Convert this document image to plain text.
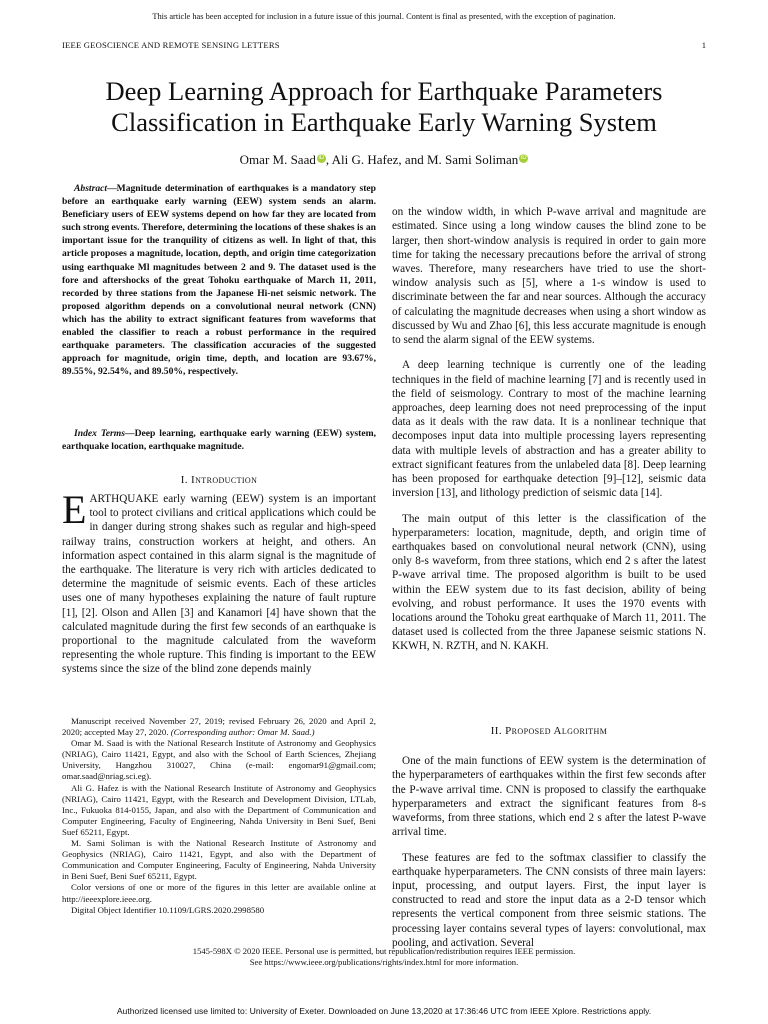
This article has been accepted for inclusion in a future issue of this journal. Content is final as presented, with the exception of pagination.
IEEE GEOSCIENCE AND REMOTE SENSING LETTERS	1
Deep Learning Approach for Earthquake Parameters
Classification in Earthquake Early Warning System
Omar M. Saad iD , Ali G. Hafez, and M. Sami Soliman iD

Abstract—Magnitude determination of earthquakes is a mandatory step before an earthquake early warning (EEW) system sends an alarm. Beneficiary users of EEW systems depend on how far they are located from such strong events. Therefore, determining the locations of these shakes is an important issue for the tranquility of citizens as well. In light of that, this article proposes a magnitude, location, depth, and origin time categorization using earthquake Ml magnitudes between 2 and 9. The dataset used is the fore and aftershocks of the great Tohoku earthquake of March 11, 2011, recorded by three stations from the Japanese Hi-net seismic network. The proposed algorithm depends on a convolutional neural network (CNN) which has the ability to extract significant features from waveforms that enabled the classifier to reach a robust performance in the required earthquake parameters. The classification accuracies of the suggested approach for magnitude, origin time, depth, and location are 93.67%, 89.55%, 92.54%, and 89.50%, respectively.

Index Terms—Deep learning, earthquake early warning (EEW) system, earthquake location, earthquake magnitude.

I. Introduction

EARTHQUAKE early warning (EEW) system is an important tool to protect civilians and critical applications which could be in danger during strong shakes such as regular and high-speed railway trains, construction workers at height, and others. An information aspect contained in this alarm signal is the magnitude of the earthquake. The literature is very rich with articles dedicated to determine the magnitude of seismic events. Each of these articles uses one of many hypotheses explaining the nature of fault rupture [1], [2]. Olson and Allen [3] and Kanamori [4] have shown that the calculated magnitude during the first few seconds of an earthquake is proportional to the magnitude calculated from the waveform representing the whole rupture. This finding is important to the EEW systems since the size of the blind zone depends mainly

Manuscript received November 27, 2019; revised February 26, 2020 and April 2, 2020; accepted May 27, 2020. (Corresponding author: Omar M. Saad.)

Omar M. Saad is with the National Research Institute of Astronomy and Geophysics (NRIAG), Cairo 11421, Egypt, and also with the School of Earth Sciences, Zhejiang University, Hangzhou 310027, China (e-mail: engomar91@gmail.com; omar.saad@nriag.sci.eg).

Ali G. Hafez is with the National Research Institute of Astronomy and Geophysics (NRIAG), Cairo 11421, Egypt, with the Research and Development Division, LTLab, Inc., Fukuoka 814-0155, Japan, and also with the Department of Communication and Computer Engineering, Faculty of Engineering, Nahda University in Beni Suef, Beni Suef 65211, Egypt.

M. Sami Soliman is with the National Research Institute of Astronomy and Geophysics (NRIAG), Cairo 11421, Egypt, and also with the Department of Communication and Computer Engineering, Faculty of Engineering, Nahda University in Beni Suef, Beni Suef 65211, Egypt.

Color versions of one or more of the figures in this letter are available online at http://ieeexplore.ieee.org.

Digital Object Identifier 10.1109/LGRS.2020.2998580

on the window width, in which P-wave arrival and magnitude are estimated. Since using a long window causes the blind zone to be larger, then short-window analysis is required in order to gain more time for taking the necessary precautions before the arrival of strong waves. Therefore, many researchers have tried to use the short-window analysis such as [5], where a 1-s window is used to discriminate between the far and near sources. Although the accuracy of calculating the magnitude decreases when using a short window as discussed by Wu and Zhao [6], this less accurate magnitude is enough to send the alarm signal of the EEW systems.

A deep learning technique is currently one of the leading techniques in the field of machine learning [7] and is recently used in the field of seismology. Contrary to most of the machine learning approaches, deep learning does not need preprocessing of the input data as it deals with the raw data. It is a nonlinear technique that decomposes input data into multiple processing layers representing data with multiple levels of abstraction and has a greater ability to extract significant features from the unlabeled data [8]. Deep learning has been proposed for earthquake detection [9]–[12], seismic data inversion [13], and lithology prediction of seismic data [14].

The main output of this letter is the classification of the hyperparameters: location, magnitude, depth, and origin time of earthquakes based on convolutional neural network (CNN), using only 8-s waveform, from three stations, which end 2 s after the latest P-wave arrival time. The proposed algorithm is built to be used within the EEW system due to its fast decision, ability of being evolving, and robust performance. It uses the 1970 events with locations around the Tohoku great earthquake of March 11, 2011. The dataset used is collected from the three Japanese seismic stations N. KKWH, N. RZTH, and N. KAKH.

II. Proposed Algorithm

One of the main functions of EEW system is the determination of the hyperparameters of earthquakes within the first few seconds after the P-wave arrival time. CNN is proposed to classify the earthquake hyperparameters and extract the significant features from 8-s waveforms, from three stations, which end 2 s after the latest P-wave arrival time.

These features are fed to the softmax classifier to classify the earthquake hyperparameters. The CNN consists of three main layers: input, processing, and output layers. First, the input layer is constructed to read and store the input data as a 2-D tensor which represents the vertical component from three seismic stations. The processing layer contains several types of layers: convolutional, max pooling, and activation. Several

1545-598X © 2020 IEEE. Personal use is permitted, but republication/redistribution requires IEEE permission.
See https://www.ieee.org/publications/rights/index.html for more information.
Authorized licensed use limited to: University of Exeter. Downloaded on June 13,2020 at 17:36:46 UTC from IEEE Xplore. Restrictions apply.
